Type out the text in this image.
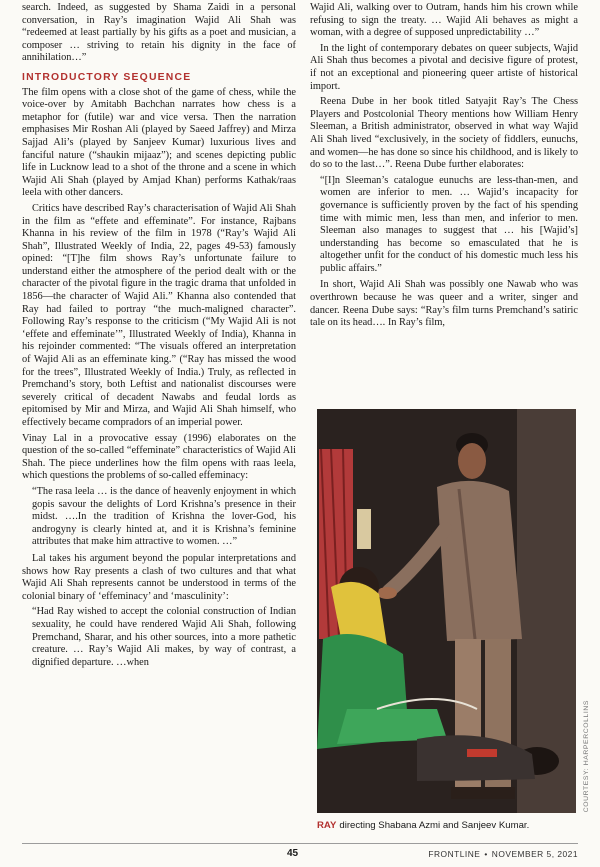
search. Indeed, as suggested by Shama Zaidi in a personal conversation, in Ray’s imagination Wajid Ali Shah was “redeemed at least partially by his gifts as a poet and musician, a composer … striving to retain his dignity in the face of annihilation…”

INTRODUCTORY SEQUENCE

The film opens with a close shot of the game of chess, while the voice-over by Amitabh Bachchan narrates how chess is a metaphor for (futile) war and vice versa. Then the narration emphasises Mir Roshan Ali (played by Saeed Jaffrey) and Mirza Sajjad Ali’s (played by Sanjeev Kumar) luxurious lives and fanciful nature (“shaukin mijaaz”); and scenes depicting public life in Lucknow lead to a shot of the throne and a scene in which Wajid Ali Shah (played by Amjad Khan) performs Kathak/raas leela with other dancers.

Critics have described Ray’s characterisation of Wajid Ali Shah in the film as “effete and effeminate”. For instance, Rajbans Khanna in his review of the film in 1978 (“Ray’s Wajid Ali Shah”, Illustrated Weekly of India, 22, pages 49-53) famously opined: “[T]he film shows Ray’s unfortunate failure to understand either the atmosphere of the period dealt with or the character of the pivotal figure in the tragic drama that unfolded in 1856—the character of Wajid Ali.” Khanna also contended that Ray had failed to portray “the much-maligned character”. Following Ray’s response to the criticism (“My Wajid Ali is not ‘effete and effeminate’”, Illustrated Weekly of India), Khanna in his rejoinder commented: “The visuals offered an interpretation of Wajid Ali as an effeminate king.” (“Ray has missed the wood for the trees”, Illustrated Weekly of India.) Truly, as reflected in Premchand’s story, both Leftist and nationalist discourses were severely critical of decadent Nawabs and feudal lords as epitomised by Mir and Mirza, and Wajid Ali Shah himself, who effectively became compradors of an imperial power.

Vinay Lal in a provocative essay (1996) elaborates on the question of the so-called “effeminate” characteristics of Wajid Ali Shah. The piece underlines how the film opens with raas leela, which questions the problems of so-called effeminacy:

“The rasa leela … is the dance of heavenly enjoyment in which gopis savour the delights of Lord Krishna’s presence in their midst. ….In the tradition of Krishna the lover-God, his androgyny is clearly hinted at, and it is Krishna’s feminine attributes that make him attractive to women. …”

Lal takes his argument beyond the popular interpretations and shows how Ray presents a clash of two cultures and that what Wajid Ali Shah represents cannot be understood in terms of the colonial binary of ‘effeminacy’ and ‘masculinity’:

“Had Ray wished to accept the colonial construction of Indian sexuality, he could have rendered Wajid Ali Shah, following Premchand, Sharar, and his other sources, into a more pathetic creature. … Ray’s Wajid Ali makes, by way of contrast, a dignified departure. …when

Wajid Ali, walking over to Outram, hands him his crown while refusing to sign the treaty. … Wajid Ali behaves as might a woman, with a degree of supposed unpredictability …”

In the light of contemporary debates on queer subjects, Wajid Ali Shah thus becomes a pivotal and decisive figure of protest, if not an exceptional and pioneering queer artiste of historical import.

Reena Dube in her book titled Satyajit Ray’s The Chess Players and Postcolonial Theory mentions how William Henry Sleeman, a British administrator, observed in what way Wajid Ali Shah lived “exclusively, in the society of fiddlers, eunuchs, and women—he has done so since his childhood, and is likely to do so to the last…”. Reena Dube further elaborates:

“[I]n Sleeman’s catalogue eunuchs are less-than-men, and women are inferior to men. … Wajid’s incapacity for governance is sufficiently proven by the fact of his spending time with mimic men, less than men, and inferior to men. Sleeman also manages to suggest that … his [Wajid’s] understanding has become so emasculated that he is altogether unfit for the conduct of his domestic much less his public affairs.”

In short, Wajid Ali Shah was possibly one Nawab who was overthrown because he was queer and a writer, singer and dancer. Reena Dube says: “Ray’s film turns Premchand’s satiric tale on its head…. In Ray’s film,

COURTESY: HARPERCOLLINS
RAY directing Shabana Azmi and Sanjeev Kumar.
45	FRONTLINE • NOVEMBER 5, 2021
